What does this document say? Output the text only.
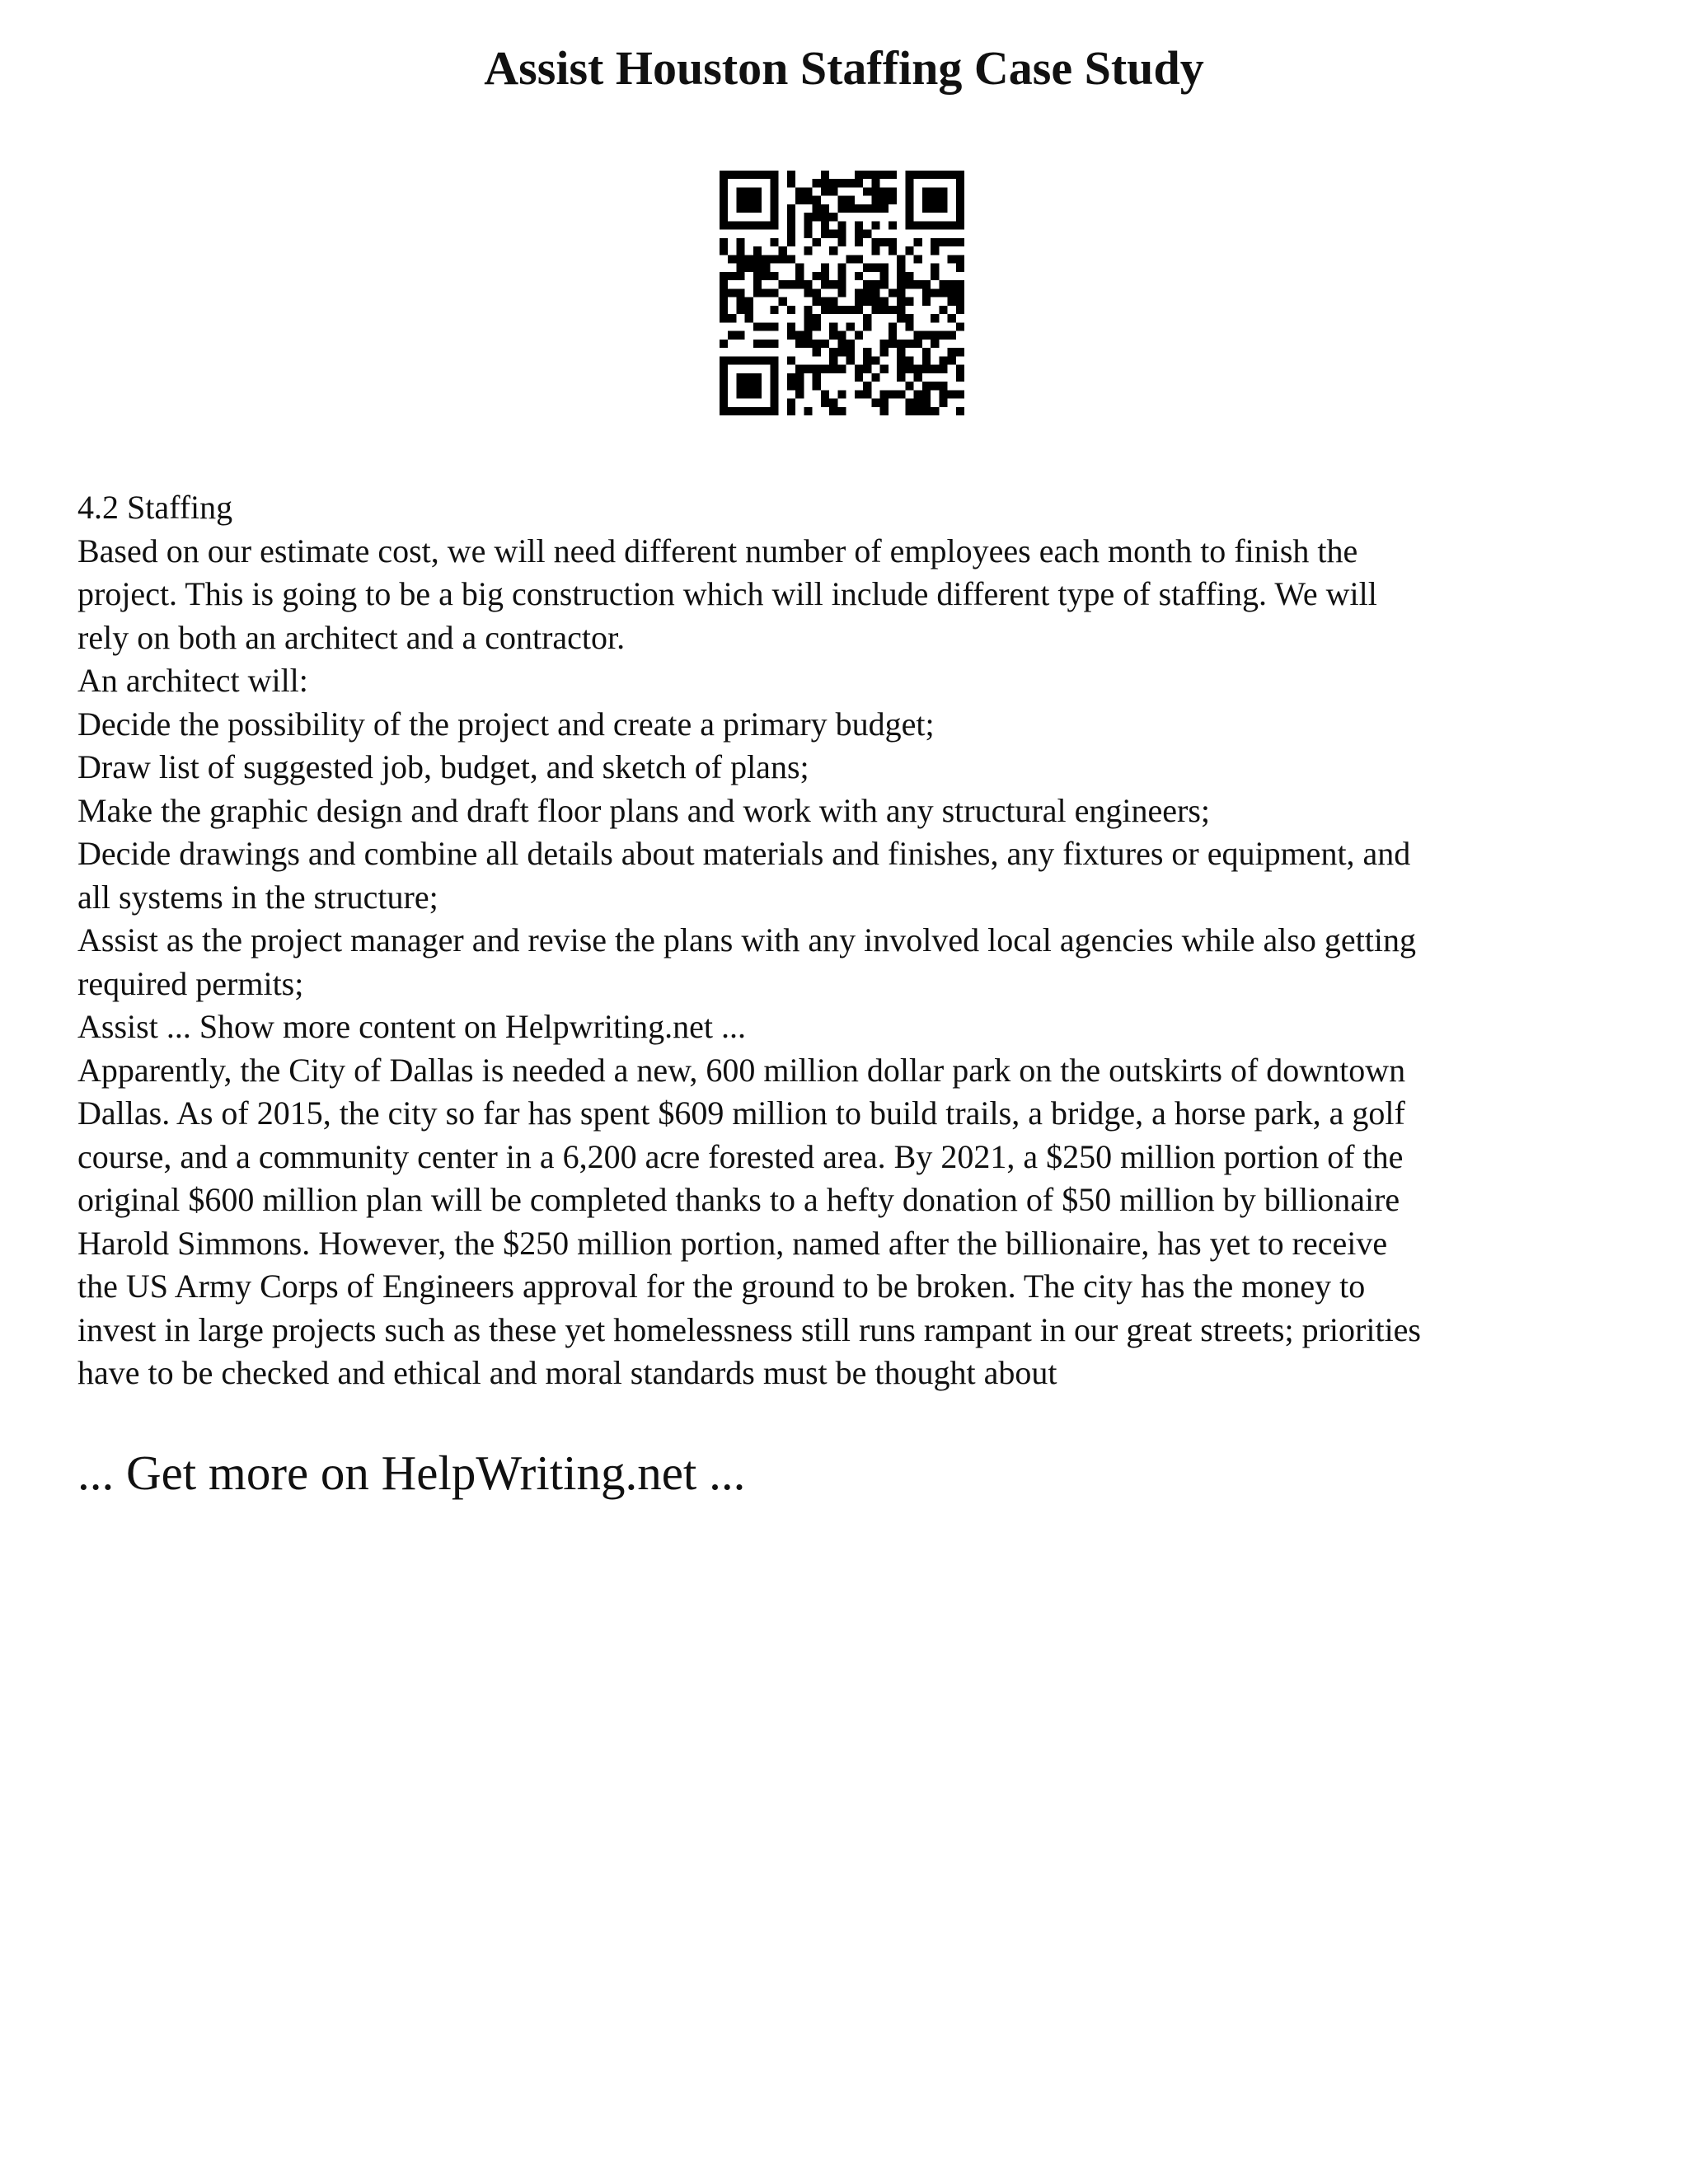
Assist Houston Staffing Case Study
4.2 Staffing
Based on our estimate cost, we will need different number of employees each month to finish the
project. This is going to be a big construction which will include different type of staffing. We will
rely on both an architect and a contractor.
An architect will:
Decide the possibility of the project and create a primary budget;
Draw list of suggested job, budget, and sketch of plans;
Make the graphic design and draft floor plans and work with any structural engineers;
Decide drawings and combine all details about materials and finishes, any fixtures or equipment, and
all systems in the structure;
Assist as the project manager and revise the plans with any involved local agencies while also getting
required permits;
Assist ... Show more content on Helpwriting.net ...
Apparently, the City of Dallas is needed a new, 600 million dollar park on the outskirts of downtown
Dallas. As of 2015, the city so far has spent $609 million to build trails, a bridge, a horse park, a golf
course, and a community center in a 6,200 acre forested area. By 2021, a $250 million portion of the
original $600 million plan will be completed thanks to a hefty donation of $50 million by billionaire
Harold Simmons. However, the $250 million portion, named after the billionaire, has yet to receive
the US Army Corps of Engineers approval for the ground to be broken. The city has the money to
invest in large projects such as these yet homelessness still runs rampant in our great streets; priorities
have to be checked and ethical and moral standards must be thought about

... Get more on HelpWriting.net ...
